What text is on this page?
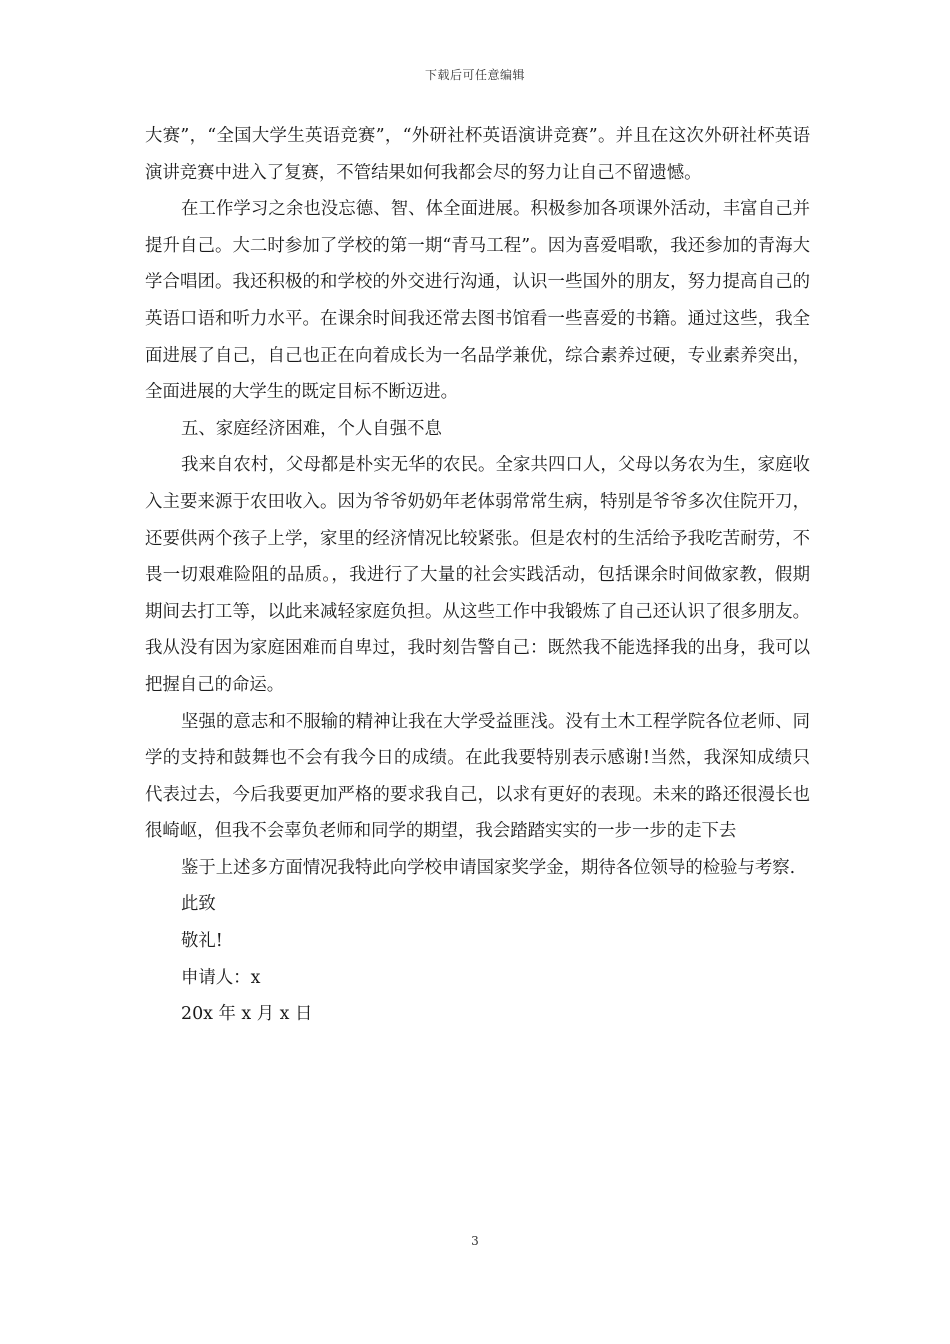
下载后可任意编辑

大赛”，“全国大学生英语竞赛”，“外研社杯英语演讲竞赛”。并且在这次外研社杯英语演讲竞赛中进入了复赛，不管结果如何我都会尽的努力让自己不留遗憾。

在工作学习之余也没忘德、智、体全面进展。积极参加各项课外活动，丰富自己并提升自己。大二时参加了学校的第一期“青马工程”。因为喜爱唱歌，我还参加的青海大学合唱团。我还积极的和学校的外交进行沟通，认识一些国外的朋友，努力提高自己的英语口语和听力水平。在课余时间我还常去图书馆看一些喜爱的书籍。通过这些，我全面进展了自己，自己也正在向着成长为一名品学兼优，综合素养过硬，专业素养突出，全面进展的大学生的既定目标不断迈进。

五、家庭经济困难，个人自强不息

我来自农村，父母都是朴实无华的农民。全家共四口人，父母以务农为生，家庭收入主要来源于农田收入。因为爷爷奶奶年老体弱常常生病，特别是爷爷多次住院开刀，还要供两个孩子上学，家里的经济情况比较紧张。但是农村的生活给予我吃苦耐劳，不畏一切艰难险阻的品质。，我进行了大量的社会实践活动，包括课余时间做家教，假期期间去打工等，以此来减轻家庭负担。从这些工作中我锻炼了自己还认识了很多朋友。我从没有因为家庭困难而自卑过，我时刻告警自己：既然我不能选择我的出身，我可以把握自己的命运。

坚强的意志和不服输的精神让我在大学受益匪浅。没有土木工程学院各位老师、同学的支持和鼓舞也不会有我今日的成绩。在此我要特别表示感谢!当然，我深知成绩只代表过去，今后我要更加严格的要求我自己，以求有更好的表现。未来的路还很漫长也很崎岖，但我不会辜负老师和同学的期望，我会踏踏实实的一步一步的走下去

鉴于上述多方面情况我特此向学校申请国家奖学金，期待各位领导的检验与考察.

此致

敬礼!

申请人：x

20x 年 x 月 x 日

3
